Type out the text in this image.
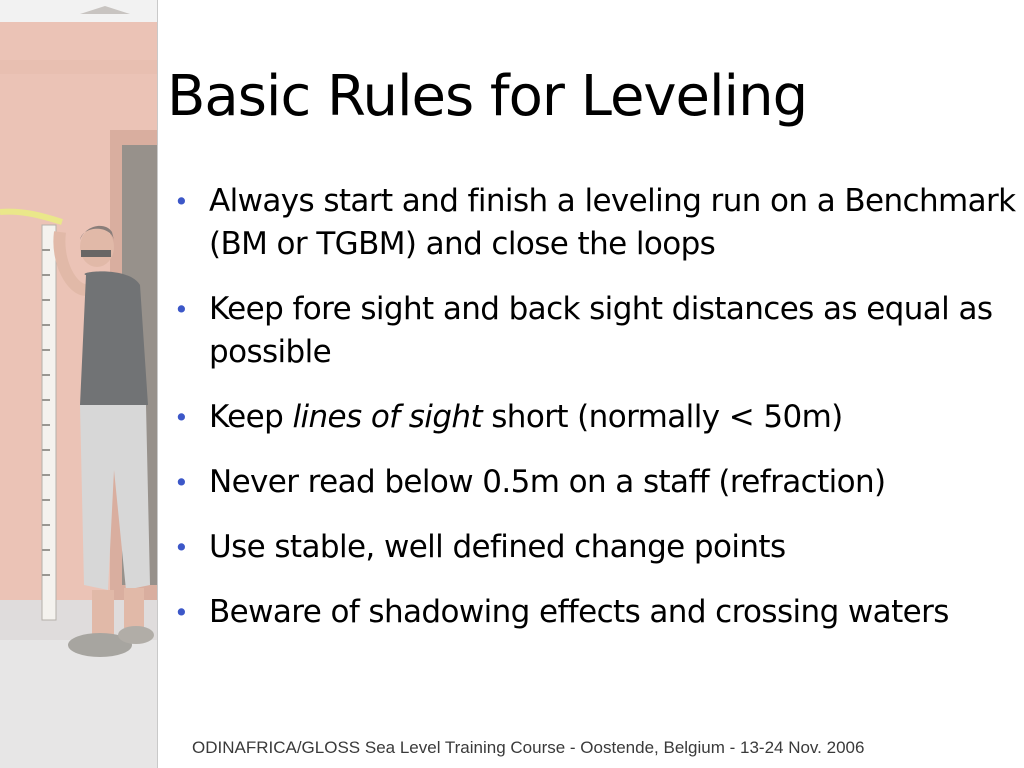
Basic Rules for Leveling
• Always start and finish a leveling run on a Benchmark (BM or TGBM) and close the loops
• Keep fore sight and back sight distances as equal as possible
• Keep lines of sight short (normally < 50m)
• Never read below 0.5m on a staff (refraction)
• Use stable, well defined change points
• Beware of shadowing effects and crossing waters
ODINAFRICA/GLOSS Sea Level Training Course - Oostende, Belgium - 13-24 Nov. 2006
